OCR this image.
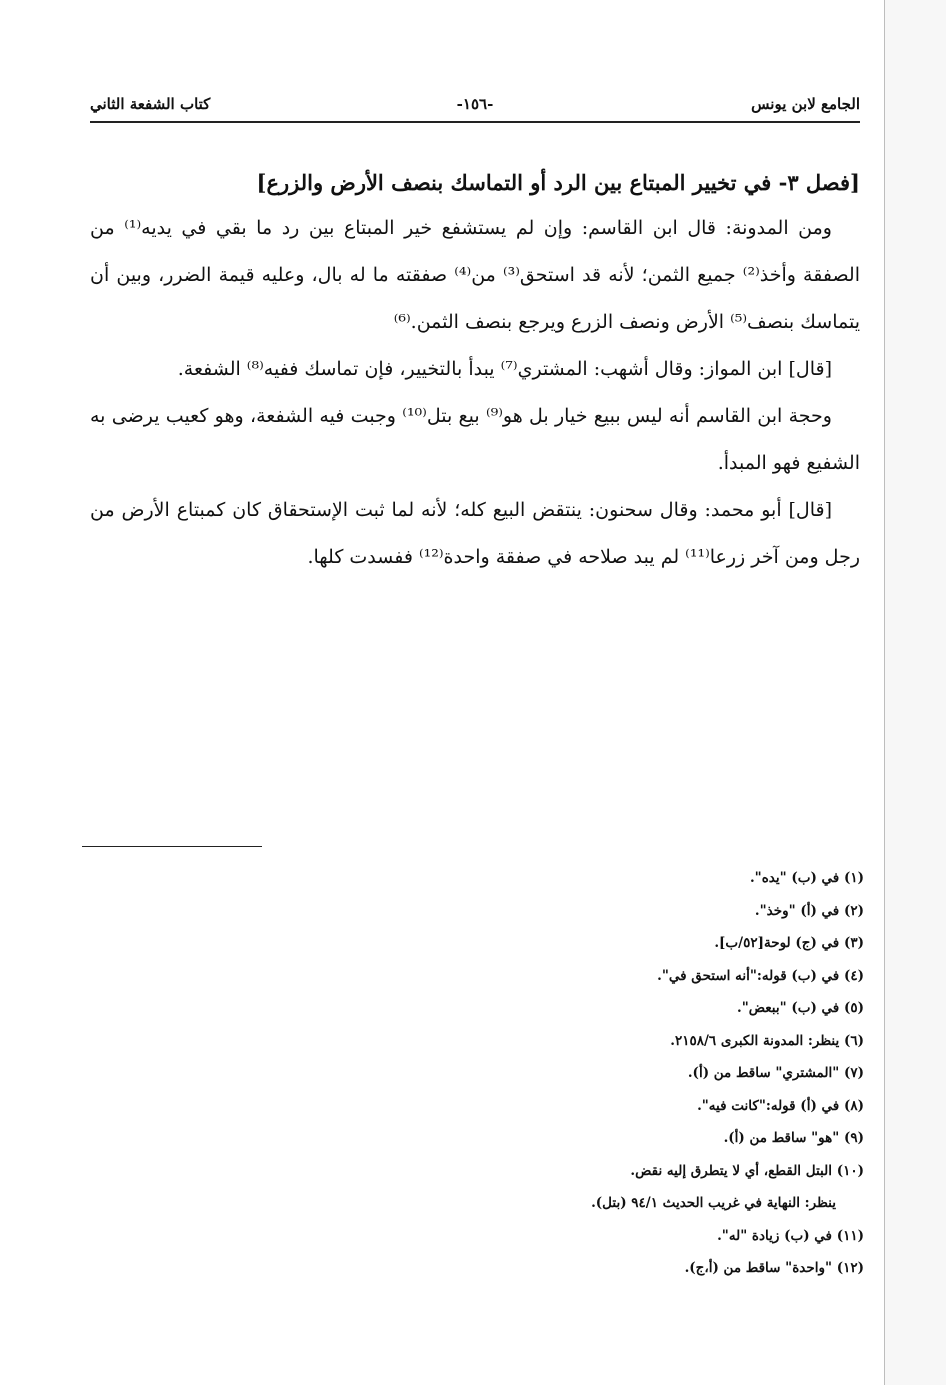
الجامع لابن يونس
-١٥٦-
كتاب الشفعة الثاني
[فصل ٣- في تخيير المبتاع بين الرد أو التماسك بنصف الأرض والزرع]

ومن المدونة: قال ابن القاسم: وإن لم يستشفع خير المبتاع بين رد ما بقي في يديه⁽¹⁾ من الصفقة وأخذ⁽²⁾ جميع الثمن؛ لأنه قد استحق⁽³⁾ من⁽⁴⁾ صفقته ما له بال، وعليه قيمة الضرر، وبين أن يتماسك بنصف⁽⁵⁾ الأرض ونصف الزرع ويرجع بنصف الثمن.⁽⁶⁾

[قال] ابن المواز: وقال أشهب: المشتري⁽⁷⁾ يبدأ بالتخيير، فإن تماسك ففيه⁽⁸⁾ الشفعة.

وحجة ابن القاسم أنه ليس ببيع خيار بل هو⁽⁹⁾ بيع بتل⁽¹⁰⁾ وجبت فيه الشفعة، وهو كعيب يرضى به الشفيع فهو المبدأ.

[قال] أبو محمد: وقال سحنون: ينتقض البيع كله؛ لأنه لما ثبت الإستحقاق كان كمبتاع الأرض من رجل ومن آخر زرعا⁽¹¹⁾ لم يبد صلاحه في صفقة واحدة⁽¹²⁾ ففسدت كلها.

(١) في (ب) "يده".

(٢) في (أ) "وخذ".

(٣) في (ج) لوحة[٥٢/ب].

(٤) في (ب) قوله:"أنه استحق في".

(٥) في (ب) "ببعض".

(٦) ينظر: المدونة الكبرى ٢١٥٨/٦.

(٧) "المشتري" ساقط من (أ).

(٨) في (أ) قوله:"كانت فيه".

(٩) "هو" ساقط من (أ).

(١٠) البتل القطع، أي لا يتطرق إليه نقض.

ينظر: النهاية في غريب الحديث ٩٤/١ (بتل).

(١١) في (ب) زيادة "له".

(١٢) "واحدة" ساقط من (أ،ج).
